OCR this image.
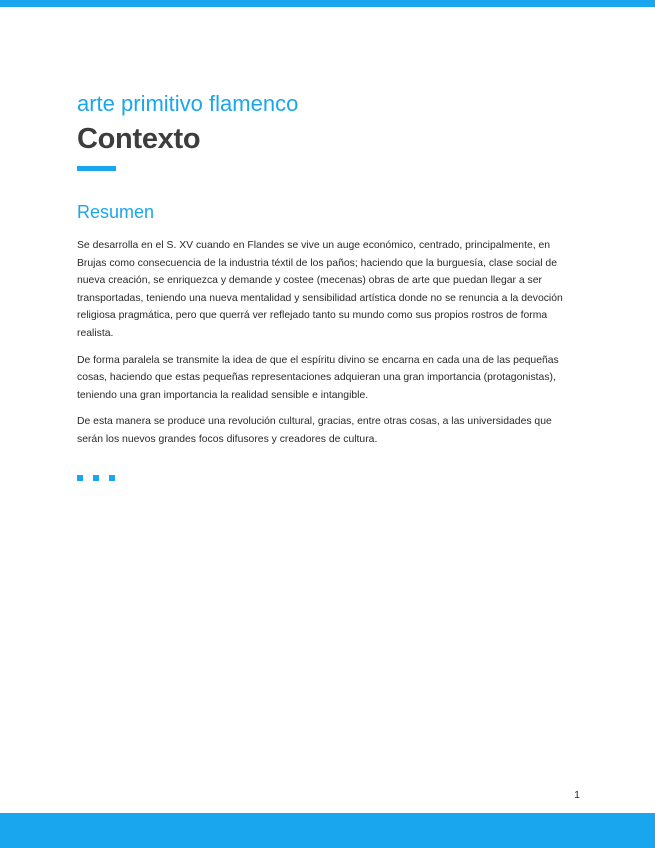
arte primitivo flamenco
Contexto
Resumen

Se desarrolla en el S. XV cuando en Flandes se vive un auge económico, centrado, principalmente, en Brujas como consecuencia de la industria téxtil de los paños; haciendo que la burguesía, clase social de nueva creación, se enriquezca y demande y costee (mecenas) obras de arte que puedan llegar a ser transportadas, teniendo una nueva mentalidad y sensibilidad artística donde no se renuncia a la devoción religiosa pragmática, pero que querrá ver reflejado tanto su mundo como sus propios rostros de forma realista.

De forma paralela se transmite la idea de que el espíritu divino se encarna en cada una de las pequeñas cosas, haciendo que estas pequeñas representaciones adquieran una gran importancia (protagonistas), teniendo una gran importancia la realidad sensible e intangible.

De esta manera se produce una revolución cultural, gracias, entre otras cosas, a las universidades que serán los nuevos grandes focos difusores y creadores de cultura.

1
